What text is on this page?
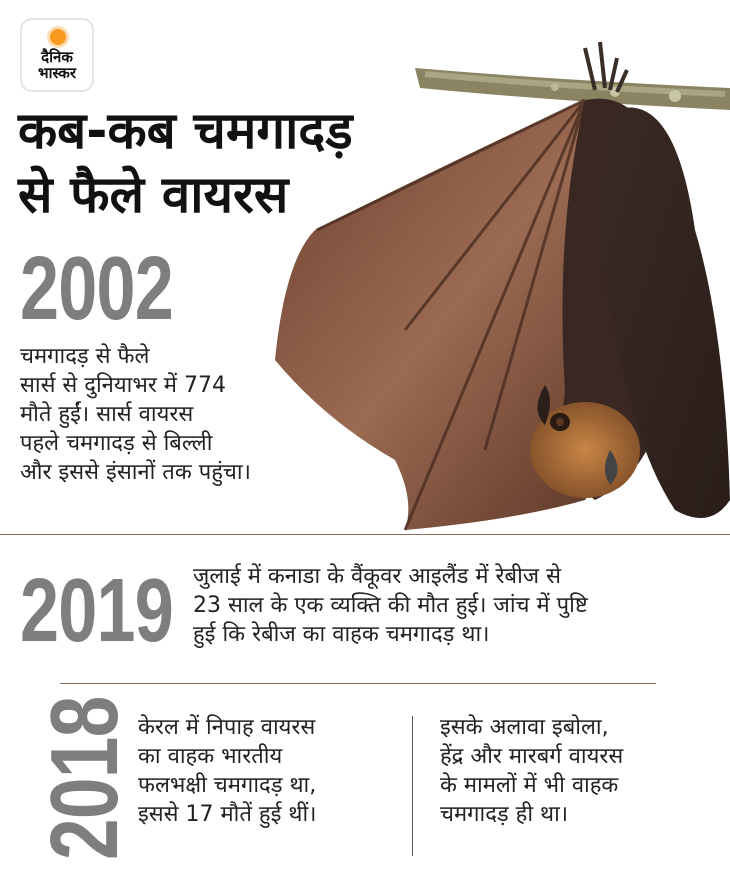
दैनिक
भास्कर
कब-कब चमगादड़
से फैले वायरस
2002
चमगादड़ से फैले
सार्स से दुनियाभर में 774
मौते हुईं। सार्स वायरस
पहले चमगादड़ से बिल्ली
और इससे इंसानों तक पहुंचा।
2019 जुलाई में कनाडा के वैंकूवर आइलैंड में रेबीज से
23 साल के एक व्यक्ति की मौत हुई। जांच में पुष्टि
हुई कि रेबीज का वाहक चमगादड़ था।
2018 केरल में निपाह वायरस
का वाहक भारतीय
फलभक्षी चमगादड़ था,
इससे 17 मौतें हुई थीं।
इसके अलावा इबोला,
हेंद्र और मारबर्ग वायरस
के मामलों में भी वाहक
चमगादड़ ही था।
